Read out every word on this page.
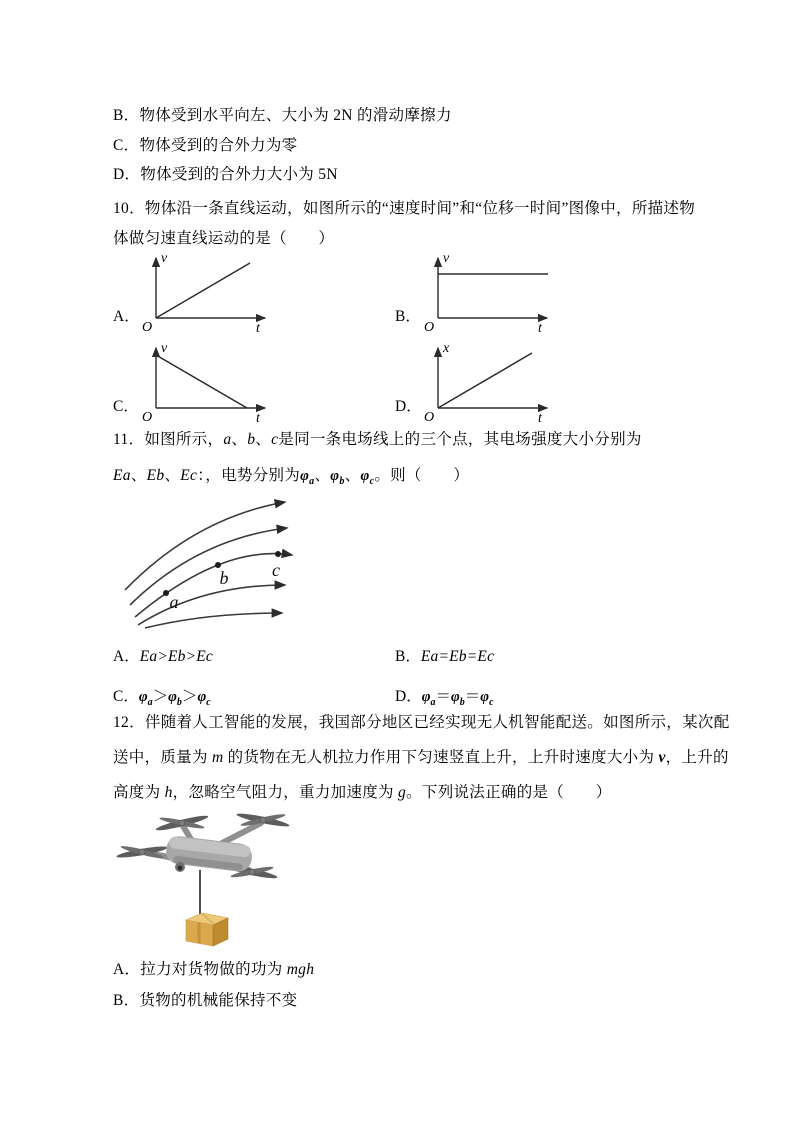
B．物体受到水平向左、大小为 2N 的滑动摩擦力
C．物体受到的合外力为零
D．物体受到的合外力大小为 5N
10．物体沿一条直线运动，如图所示的“速度时间”和“位移一时间”图像中，所描述物
体做匀速直线运动的是（　　）
A．
O
v
t
B．
O
v
t
C．
O
v
t
D．
O
x
t
11．如图所示，a、b、c是同一条电场线上的三个点，其电场强度大小分别为
Ea、Eb、Ec：，电势分别为$\varphi_a$、$\varphi_b$、$\varphi_c$。则（　　）
a
b c
A．Ea>Eb>Ec	B．Ea=Eb=Ec
C．$\varphi_a>\varphi_b>\varphi_c$	D．$\varphi_a=\varphi_b=\varphi_c$
12．伴随着人工智能的发展，我国部分地区已经实现无人机智能配送。如图所示，某次配
送中，质量为 m 的货物在无人机拉力作用下匀速竖直上升，上升时速度大小为 v，上升的
高度为 h，忽略空气阻力，重力加速度为 g。下列说法正确的是（　　）
A．拉力对货物做的功为 mgh
B．货物的机械能保持不变
